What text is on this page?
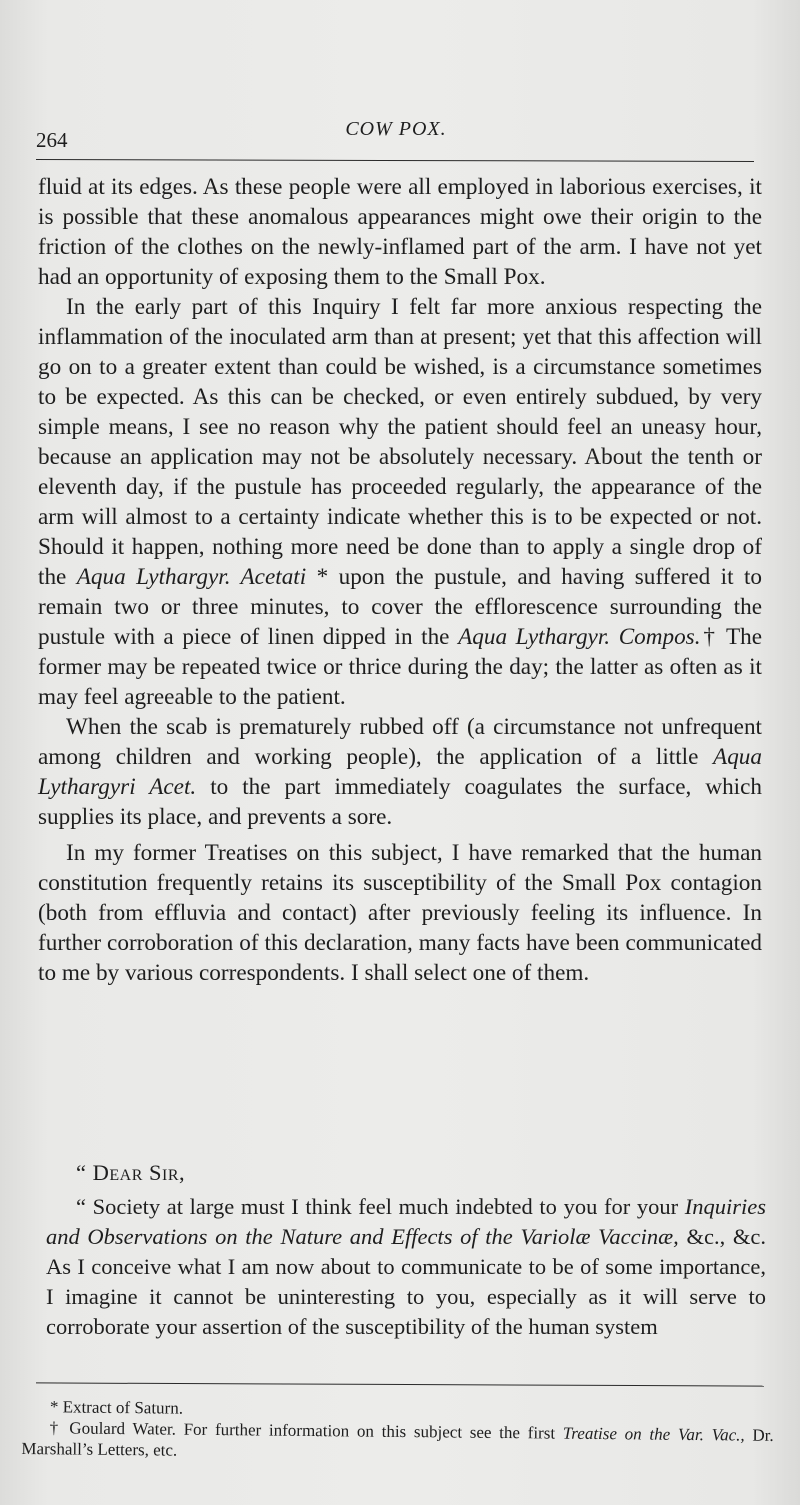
264	COW POX.

fluid at its edges. As these people were all employed in laborious exercises, it is possible that these anomalous appearances might owe their origin to the friction of the clothes on the newly-inflamed part of the arm. I have not yet had an opportunity of exposing them to the Small Pox.

In the early part of this Inquiry I felt far more anxious respecting the inflammation of the inoculated arm than at present; yet that this affection will go on to a greater extent than could be wished, is a circumstance sometimes to be expected. As this can be checked, or even entirely subdued, by very simple means, I see no reason why the patient should feel an uneasy hour, because an application may not be absolutely necessary. About the tenth or eleventh day, if the pustule has proceeded regularly, the appearance of the arm will almost to a certainty indicate whether this is to be expected or not. Should it happen, nothing more need be done than to apply a single drop of the Aqua Lythargyr. Acetati * upon the pustule, and having suffered it to remain two or three minutes, to cover the efflorescence surrounding the pustule with a piece of linen dipped in the Aqua Lythargyr. Compos.† The former may be repeated twice or thrice during the day; the latter as often as it may feel agreeable to the patient.

When the scab is prematurely rubbed off (a circumstance not unfrequent among children and working people), the application of a little Aqua Lythargyri Acet. to the part immediately coagulates the surface, which supplies its place, and prevents a sore.

In my former Treatises on this subject, I have remarked that the human constitution frequently retains its susceptibility of the Small Pox contagion (both from effluvia and contact) after previously feeling its influence. In further corroboration of this declaration, many facts have been communicated to me by various correspondents. I shall select one of them.

“ Dear Sir,

“ Society at large must I think feel much indebted to you for your Inquiries and Observations on the Nature and Effects of the Variolæ Vaccinæ, &c., &c. As I conceive what I am now about to communicate to be of some importance, I imagine it cannot be uninteresting to you, especially as it will serve to corroborate your assertion of the susceptibility of the human system

* Extract of Saturn.

† Goulard Water. For further information on this subject see the first Treatise on the Var. Vac., Dr. Marshall’s Letters, etc.
